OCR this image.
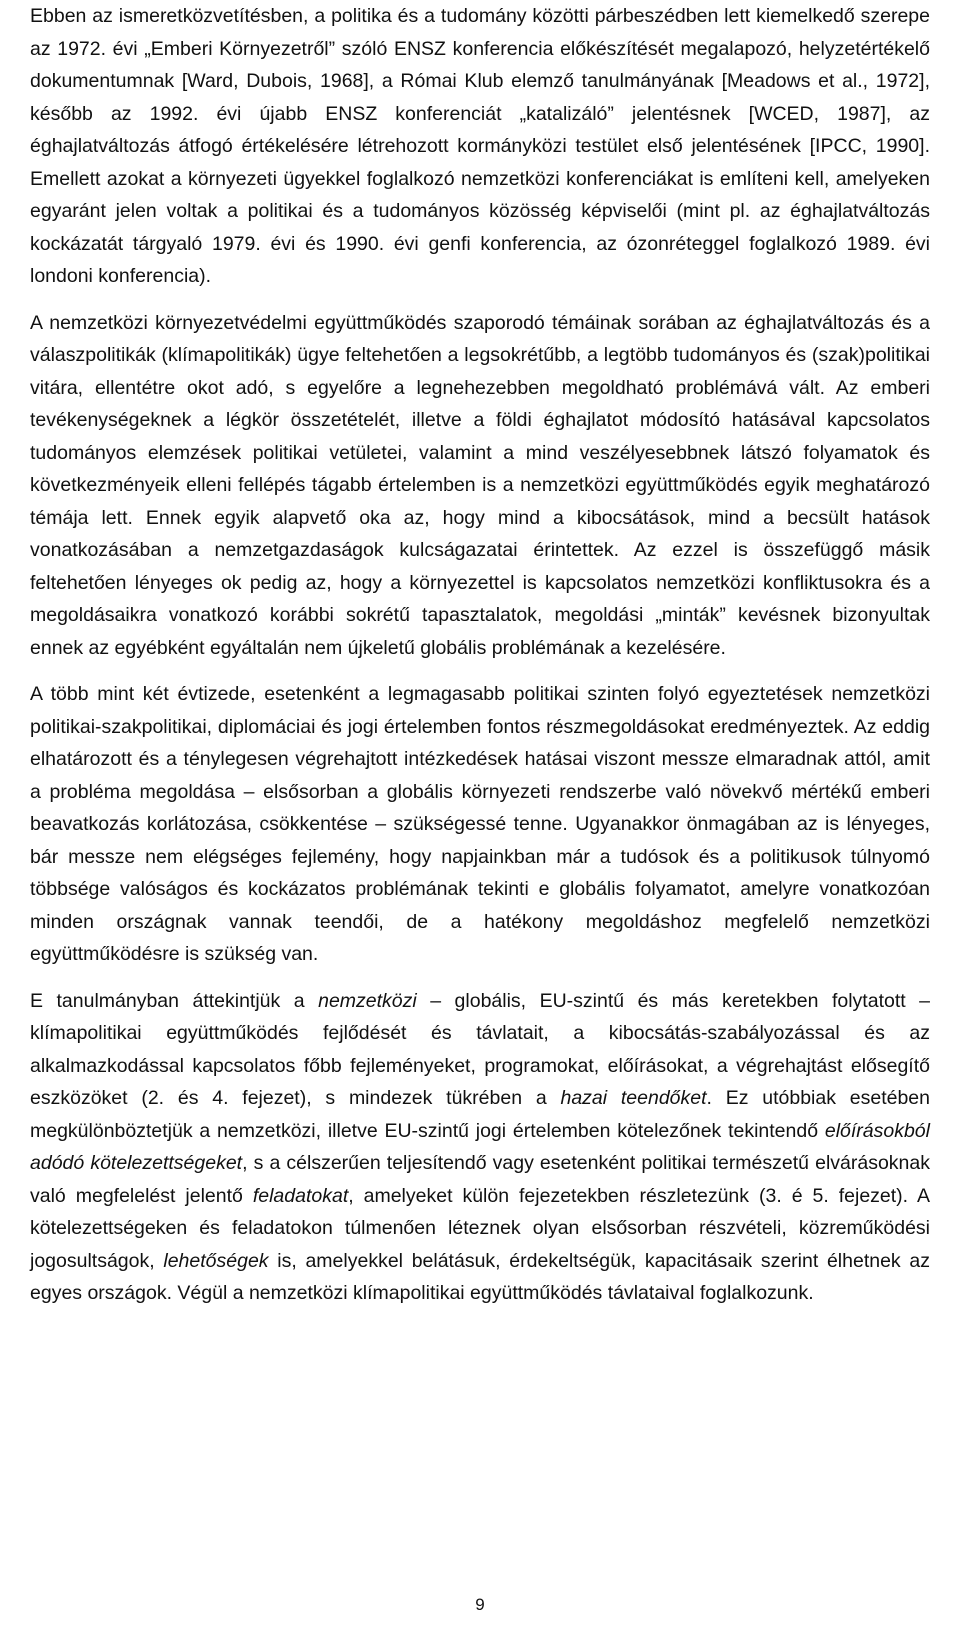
Ebben az ismeretközvetítésben, a politika és a tudomány közötti párbeszédben lett kiemelkedő szerepe az 1972. évi „Emberi Környezetről” szóló ENSZ konferencia előkészítését megalapozó, helyzetértékelő dokumentumnak [Ward, Dubois, 1968], a Római Klub elemző tanulmányának [Meadows et al., 1972], később az 1992. évi újabb ENSZ konferenciát „katalizáló” jelentésnek [WCED, 1987], az éghajlatváltozás átfogó értékelésére létrehozott kormányközi testület első jelentésének [IPCC, 1990]. Emellett azokat a környezeti ügyekkel foglalkozó nemzetközi konferenciákat is említeni kell, amelyeken egyaránt jelen voltak a politikai és a tudományos közösség képviselői (mint pl. az éghajlatváltozás kockázatát tárgyaló 1979. évi és 1990. évi genfi konferencia, az ózonréteggel foglalkozó 1989. évi londoni konferencia).

A nemzetközi környezetvédelmi együttműködés szaporodó témáinak sorában az éghajlatváltozás és a válaszpolitikák (klímapolitikák) ügye feltehetően a legsokrétűbb, a legtöbb tudományos és (szak)politikai vitára, ellentétre okot adó, s egyelőre a legnehezebben megoldható problémává vált. Az emberi tevékenységeknek a légkör összetételét, illetve a földi éghajlatot módosító hatásával kapcsolatos tudományos elemzések politikai vetületei, valamint a mind veszélyesebbnek látszó folyamatok és következményeik elleni fellépés tágabb értelemben is a nemzetközi együttműködés egyik meghatározó témája lett. Ennek egyik alapvető oka az, hogy mind a kibocsátások, mind a becsült hatások vonatkozásában a nemzetgazdaságok kulcságazatai érintettek. Az ezzel is összefüggő másik feltehetően lényeges ok pedig az, hogy a környezettel is kapcsolatos nemzetközi konfliktusokra és a megoldásaikra vonatkozó korábbi sokrétű tapasztalatok, megoldási „minták” kevésnek bizonyultak ennek az egyébként egyáltalán nem újkeletű globális problémának a kezelésére.

A több mint két évtizede, esetenként a legmagasabb politikai szinten folyó egyeztetések nemzetközi politikai-szakpolitikai, diplomáciai és jogi értelemben fontos részmegoldásokat eredményeztek. Az eddig elhatározott és a ténylegesen végrehajtott intézkedések hatásai viszont messze elmaradnak attól, amit a probléma megoldása – elsősorban a globális környezeti rendszerbe való növekvő mértékű emberi beavatkozás korlátozása, csökkentése – szükségessé tenne. Ugyanakkor önmagában az is lényeges, bár messze nem elégséges fejlemény, hogy napjainkban már a tudósok és a politikusok túlnyomó többsége valóságos és kockázatos problémának tekinti e globális folyamatot, amelyre vonatkozóan minden országnak vannak teendői, de a hatékony megoldáshoz megfelelő nemzetközi együttműködésre is szükség van.

E tanulmányban áttekintjük a nemzetközi – globális, EU-szintű és más keretekben folytatott – klímapolitikai együttműködés fejlődését és távlatait, a kibocsátás-szabályozással és az alkalmazkodással kapcsolatos főbb fejleményeket, programokat, előírásokat, a végrehajtást elősegítő eszközöket (2. és 4. fejezet), s mindezek tükrében a hazai teendőket. Ez utóbbiak esetében megkülönböztetjük a nemzetközi, illetve EU-szintű jogi értelemben kötelezőnek tekintendő előírásokból adódó kötelezettségeket, s a célszerűen teljesítendő vagy esetenként politikai természetű elvárásoknak való megfelelést jelentő feladatokat, amelyeket külön fejezetekben részletezünk (3. é 5. fejezet). A kötelezettségeken és feladatokon túlmenően léteznek olyan elsősorban részvételi, közreműködési jogosultságok, lehetőségek is, amelyekkel belátásuk, érdekeltségük, kapacitásaik szerint élhetnek az egyes országok. Végül a nemzetközi klímapolitikai együttműködés távlataival foglalkozunk.

9
